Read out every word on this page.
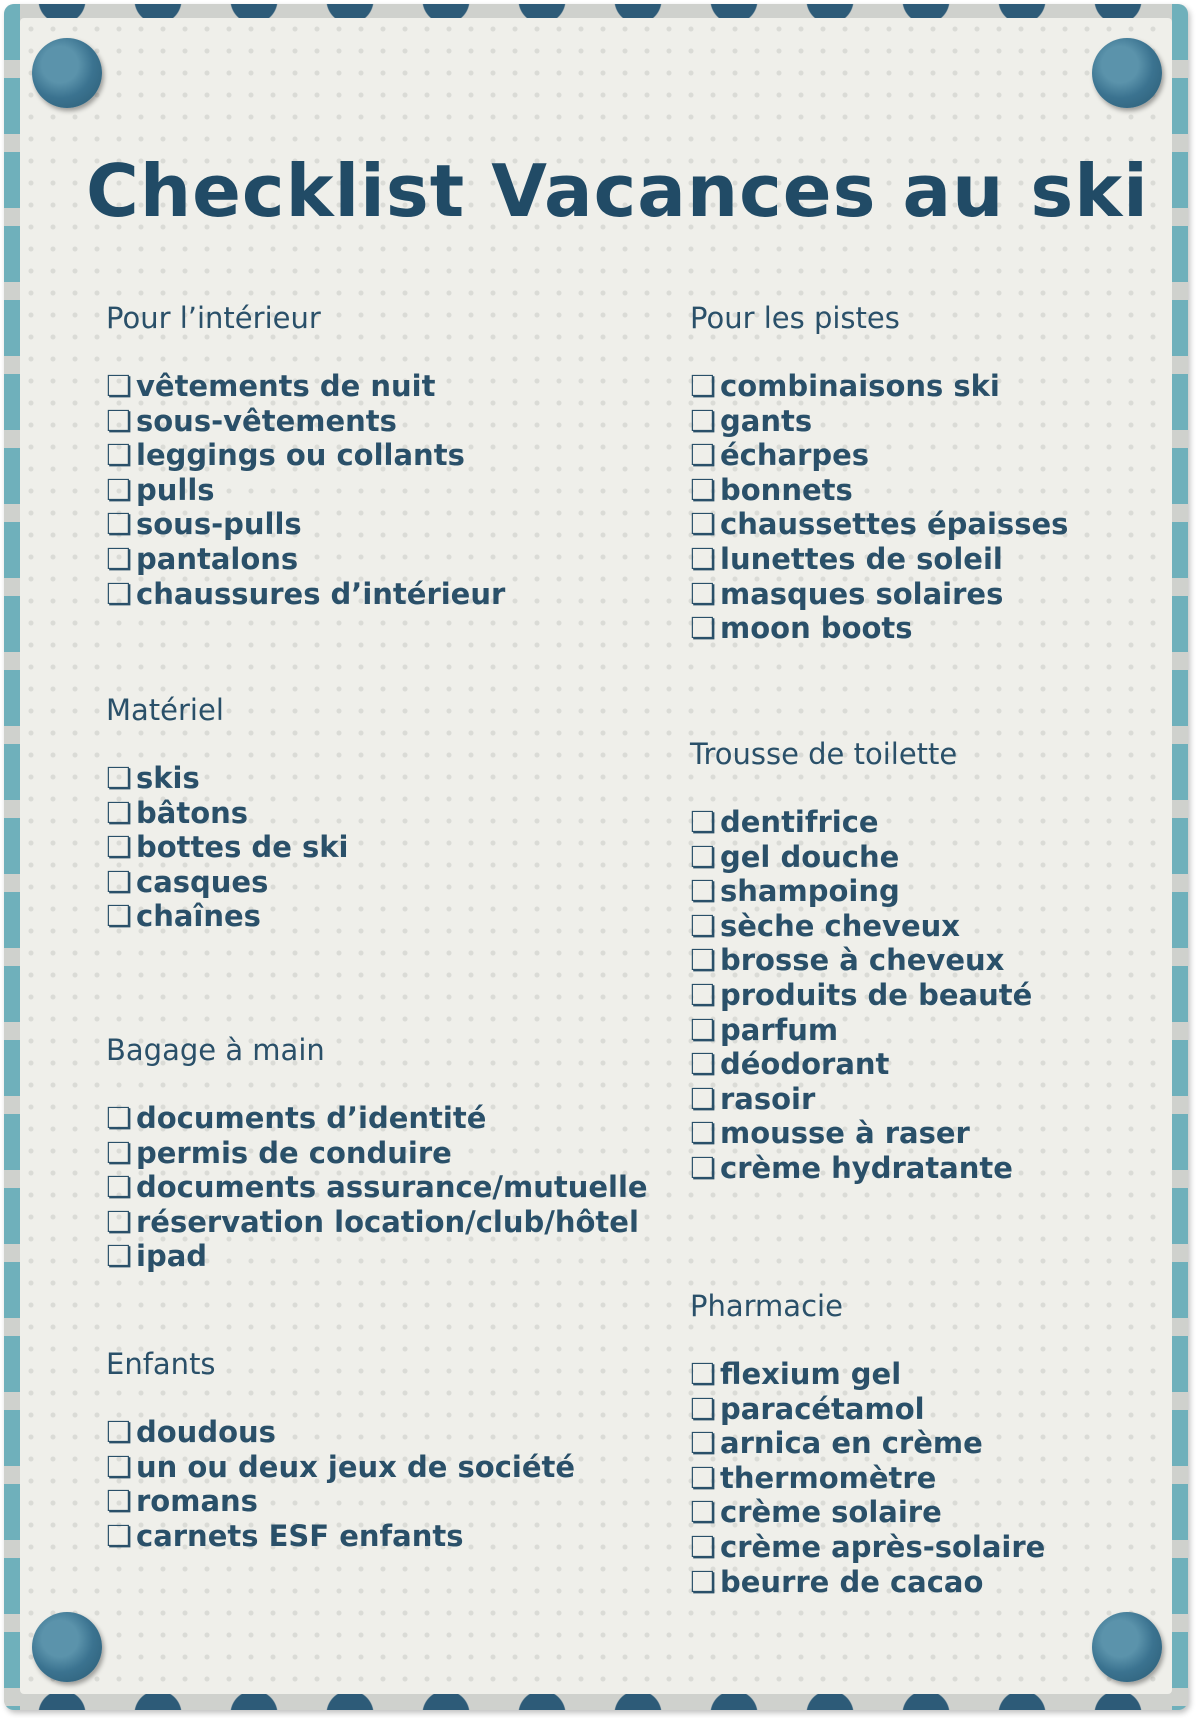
Checklist Vacances au ski
Pour l’intérieur
❏ vêtements de nuit
❏ sous-vêtements
❏ leggings ou collants
❏ pulls
❏ sous-pulls
❏ pantalons
❏ chaussures d’intérieur
Matériel
❏ skis
❏ bâtons
❏ bottes de ski
❏ casques
❏ chaînes
Bagage à main
❏ documents d’identité
❏ permis de conduire
❏ documents assurance/mutuelle
❏ réservation location/club/hôtel
❏ ipad
Enfants
❏ doudous
❏ un ou deux jeux de société
❏ romans
❏ carnets ESF enfants
Pour les pistes
❏ combinaisons ski
❏ gants
❏ écharpes
❏ bonnets
❏ chaussettes épaisses
❏ lunettes de soleil
❏ masques solaires
❏ moon boots
Trousse de toilette
❏ dentifrice
❏ gel douche
❏ shampoing
❏ sèche cheveux
❏ brosse à cheveux
❏ produits de beauté
❏ parfum
❏ déodorant
❏ rasoir
❏ mousse à raser
❏ crème hydratante
Pharmacie
❏ flexium gel
❏ paracétamol
❏ arnica en crème
❏ thermomètre
❏ crème solaire
❏ crème après-solaire
❏ beurre de cacao
